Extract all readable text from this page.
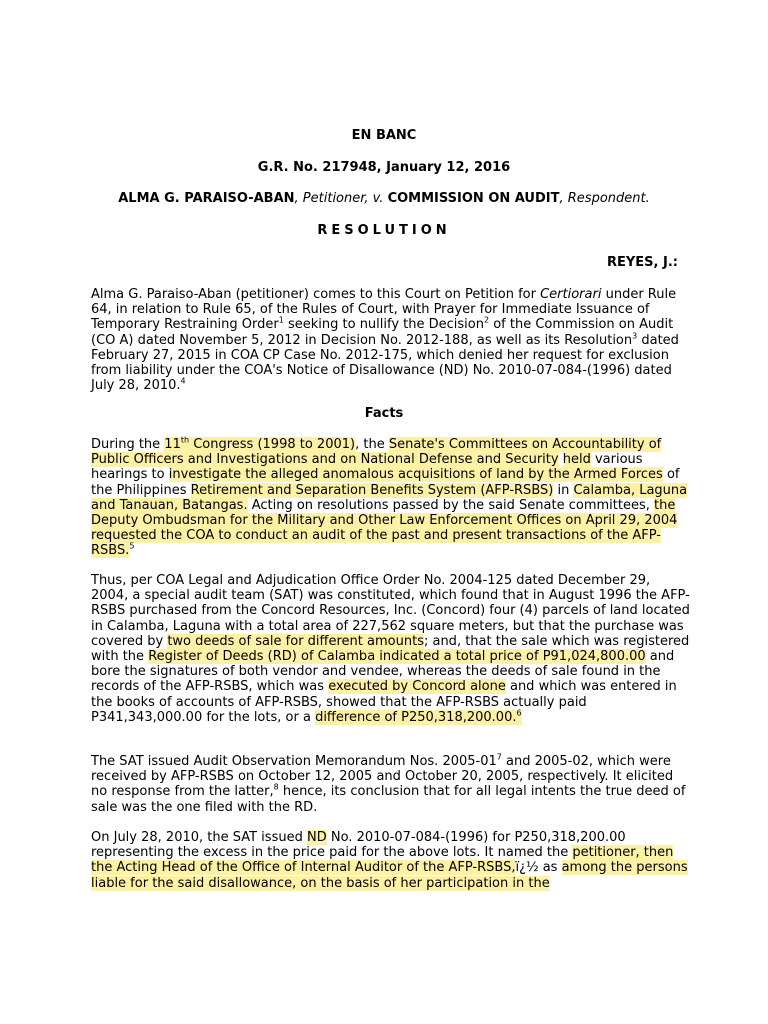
EN BANC

G.R. No. 217948, January 12, 2016

ALMA G. PARAISO-ABAN, Petitioner, v. COMMISSION ON AUDIT, Respondent.

RESOLUTION

REYES, J.:

Alma G. Paraiso-Aban (petitioner) comes to this Court on Petition for Certiorari under Rule 64, in relation to Rule 65, of the Rules of Court, with Prayer for Immediate Issuance of Temporary Restraining Order$^1$ seeking to nullify the Decision$^2$ of the Commission on Audit (CO A) dated November 5, 2012 in Decision No. 2012-188, as well as its Resolution$^3$ dated February 27, 2015 in COA CP Case No. 2012-175, which denied her request for exclusion from liability under the COA's Notice of Disallowance (ND) No. 2010-07-084-(1996) dated July 28, 2010.$^4$

Facts

During the 11th Congress (1998 to 2001), the Senate's Committees on Accountability of Public Officers and Investigations and on National Defense and Security held various hearings to investigate the alleged anomalous acquisitions of land by the Armed Forces of the Philippines Retirement and Separation Benefits System (AFP-RSBS) in Calamba, Laguna and Tanauan, Batangas. Acting on resolutions passed by the said Senate committees, the Deputy Ombudsman for the Military and Other Law Enforcement Offices on April 29, 2004 requested the COA to conduct an audit of the past and present transactions of the AFP-RSBS.$^5$

Thus, per COA Legal and Adjudication Office Order No. 2004-125 dated December 29, 2004, a special audit team (SAT) was constituted, which found that in August 1996 the AFP-RSBS purchased from the Concord Resources, Inc. (Concord) four (4) parcels of land located in Calamba, Laguna with a total area of 227,562 square meters, but that the purchase was covered by two deeds of sale for different amounts; and, that the sale which was registered with the Register of Deeds (RD) of Calamba indicated a total price of P91,024,800.00 and bore the signatures of both vendor and vendee, whereas the deeds of sale found in the records of the AFP-RSBS, which was executed by Concord alone and which was entered in the books of accounts of AFP-RSBS, showed that the AFP-RSBS actually paid P341,343,000.00 for the lots, or a difference of P250,318,200.00.$^6$

The SAT issued Audit Observation Memorandum Nos. $2005-01^7$ and 2005-02, which were received by AFP-RSBS on October 12, 2005 and October 20, 2005, respectively. It elicited no response from the latter,$^8$ hence, its conclusion that for all legal intents the true deed of sale was the one filed with the RD.

On July 28, 2010, the SAT issued ND No. 2010-07-084-(1996) for P250,318,200.00 representing the excess in the price paid for the above lots. It named the petitioner, then the Acting Head of the Office of Internal Auditor of the AFP-RSBS,ï¿½ as among the persons liable for the said disallowance, on the basis of her participation in the
